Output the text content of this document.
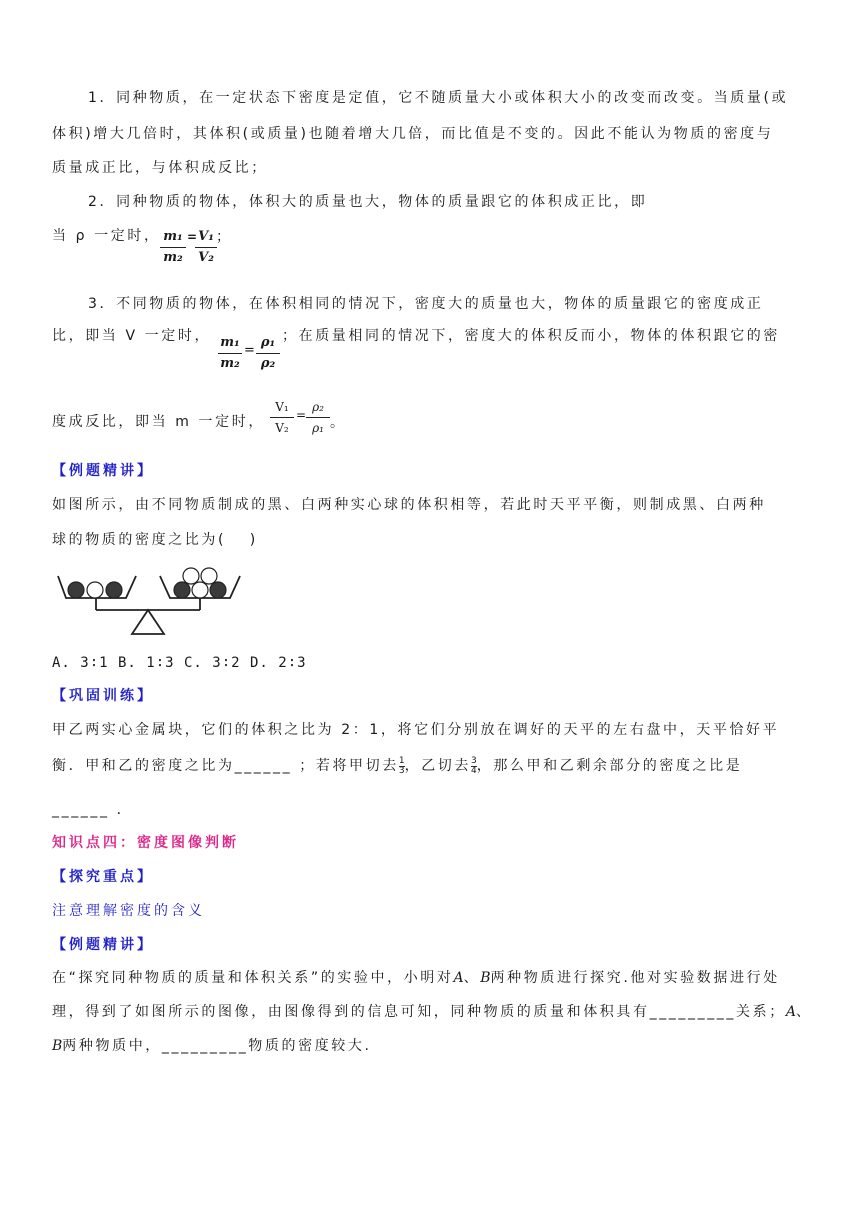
1．同种物质，在一定状态下密度是定值，它不随质量大小或体积大小的改变而改变。当质量(或
体积)增大几倍时，其体积(或质量)也随着增大几倍，而比值是不变的。因此不能认为物质的密度与
质量成正比，与体积成反比；
2．同种物质的物体，体积大的质量也大，物体的质量跟它的体积成正比，即
当 ρ 一定时， m₁
m₂
= V₁
V₂
；
3．不同物质的物体，在体积相同的情况下，密度大的质量也大，物体的质量跟它的密度成正
比，即当 V 一定时， m₁
m₂
=
ρ₁
ρ₂
；在质量相同的情况下，密度大的体积反而小，物体的体积跟它的密
度成反比，即当 m 一定时，
V₁
V₂
=
ρ₂
ρ₁ 。
【例题精讲】
如图所示，由不同物质制成的黑、白两种实心球的体积相等，若此时天平平衡，则制成黑、白两种
球的物质的密度之比为(　 )
A. 3∶1 B. 1∶3 C. 3∶2 D. 2∶3
【巩固训练】
甲乙两实心金属块，它们的体积之比为 2：1，将它们分别放在调好的天平的左右盘中，天平恰好平
衡．甲和乙的密度之比为______ ；若将甲切去$\frac{1}{3}$ ，乙切去$\frac{3}{4}$ ，那么甲和乙剩余部分的密度之比是
______ ．
知识点四：密度图像判断
【探究重点】
注意理解密度的含义
【例题精讲】
在“探究同种物质的质量和体积关系”的实验中，小明对A、B两种物质进行探究.他对实验数据进行处
理，得到了如图所示的图像，由图像得到的信息可知，同种物质的质量和体积具有_________关系；A、
B两种物质中，_________物质的密度较大.
